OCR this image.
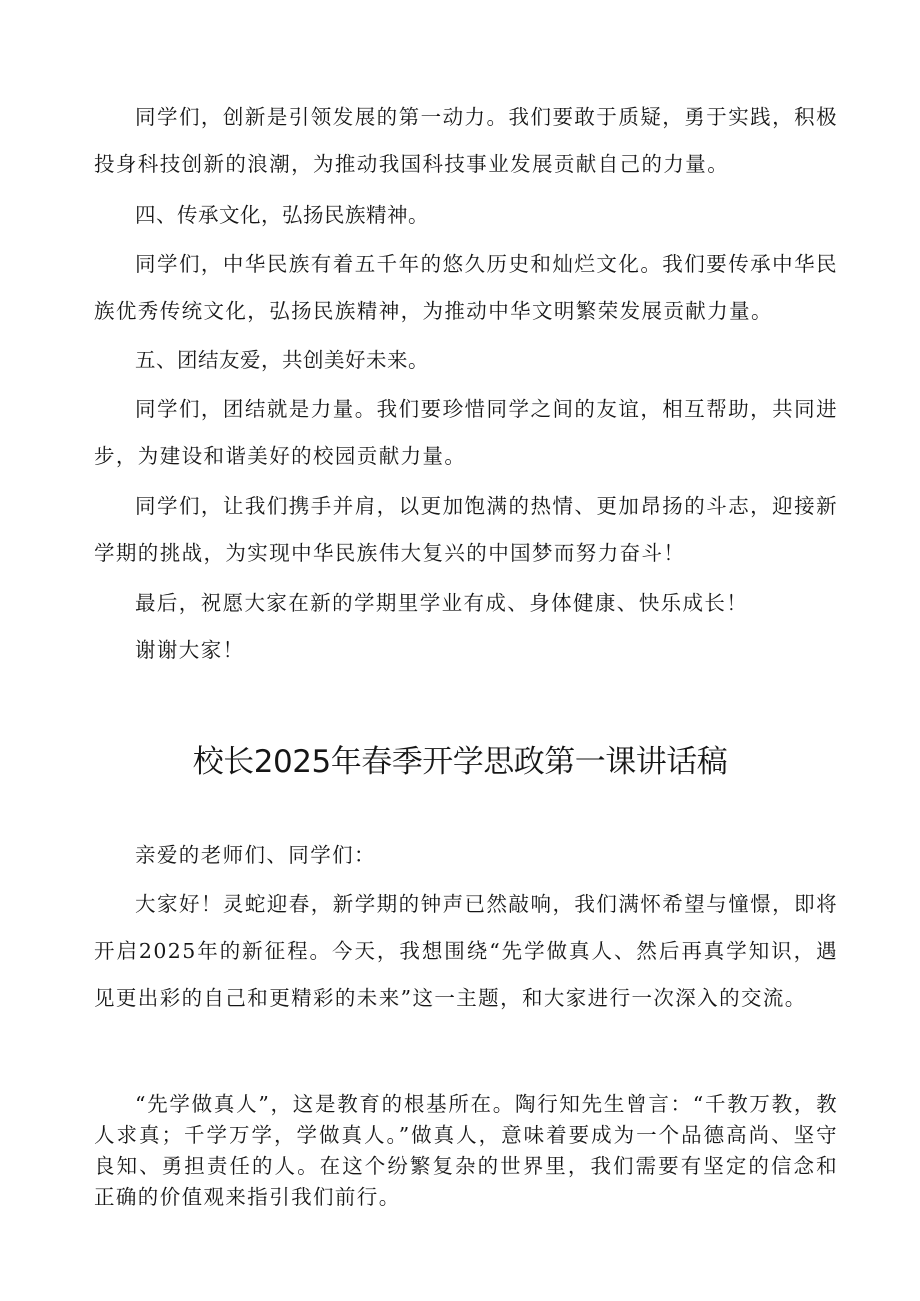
同学们，创新是引领发展的第一动力。我们要敢于质疑，勇于实践，积极投身科技创新的浪潮，为推动我国科技事业发展贡献自己的力量。

四、传承文化，弘扬民族精神。

同学们，中华民族有着五千年的悠久历史和灿烂文化。我们要传承中华民族优秀传统文化，弘扬民族精神，为推动中华文明繁荣发展贡献力量。

五、团结友爱，共创美好未来。

同学们，团结就是力量。我们要珍惜同学之间的友谊，相互帮助，共同进步，为建设和谐美好的校园贡献力量。

同学们，让我们携手并肩，以更加饱满的热情、更加昂扬的斗志，迎接新学期的挑战，为实现中华民族伟大复兴的中国梦而努力奋斗！

最后，祝愿大家在新的学期里学业有成、身体健康、快乐成长！

谢谢大家！

校长2025年春季开学思政第一课讲话稿

亲爱的老师们、同学们：

大家好！灵蛇迎春，新学期的钟声已然敲响，我们满怀希望与憧憬，即将开启2025年的新征程。今天，我想围绕“先学做真人、然后再真学知识，遇见更出彩的自己和更精彩的未来”这一主题，和大家进行一次深入的交流。

“先学做真人”，这是教育的根基所在。陶行知先生曾言：“千教万教，教人求真；千学万学，学做真人。”做真人，意味着要成为一个品德高尚、坚守良知、勇担责任的人。在这个纷繁复杂的世界里，我们需要有坚定的信念和正确的价值观来指引我们前行。
